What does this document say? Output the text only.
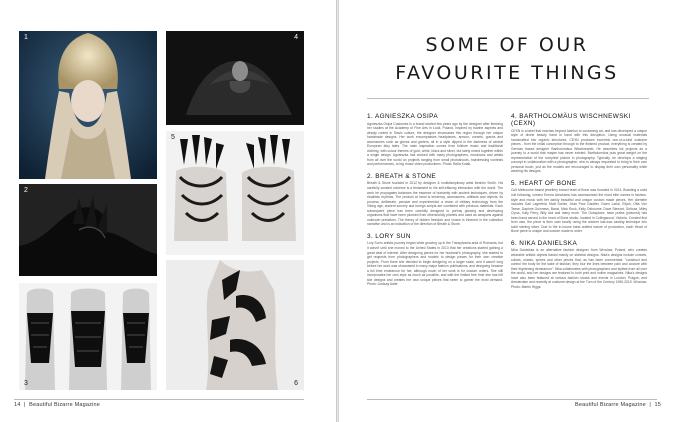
1	4
2
5
3	6
14  |  Beautiful Bizarre Magazine
SOME OF OUR
FAVOURITE THINGS
1. AGNIESZKA OSIPA

Agnieszka Osipa Costumes is a brand started few years ago by the designer after finishing her studies at the Academy of Fine Arts in Łódź, Poland. Inspired by tsarine aspects and deeply rooted in Slavic culture, the designer showcases this region through her unique handmade designs. Her work encompasses headpieces, armour, corsets, gowns and accessories such as gloves and garters, all in a style dipped in the darkness of central European fairy tales. The main inspiration comes from folklore music and traditional clothing, with colour themes of gold, white, black and silver, but lately mixed together within a single design. Agnieszka has worked with many photographers, musicians and artists from all over the world on projects ranging from small photoshoots, hairdressing contests and performances, to big music video productions. Photo: Bella Kotak.

2. BREATH & STONE

Breath & Stone founded in 2012 by designer & multidisciplinary artist Ibrahim Smith. His carefully curated universe is a testament to his self-effacing interaction with the world. The work he propagates balances the essence of humanity with ancient techniques, driven by ritualistic rhythms. The product at hand is tendency, accessories, artifacts and objects, its process, deliberate, pensive and experimental; a vision of military technology from the Viking age, ancient sorcery and foreign scripts are combined with precious materials. Each subsequent piece has been carefully designed to portray glowing and developing organisms that have been plucked from otherworldly planets and used as weapons against unknown predators. The theory of hidden freedom and choice is inherent in the collection narrative and is an indication of the direction of Breath & Stone.

3. LORY SUN

Lory Sun's artistic journey began while growing up in the Transylvania area of Romania, but it wasn't until she moved to the United States in 2013 that her creations started gaining a great deal of interest. After designing pieces for her husband's photography, she started to get requests from photographers and models to design pieces for their own creative projects. From there she decided to begin designing on a larger scale, and it wasn't long before her work was showcased in many major fashion publications, and designing became a full time endeavour for her, although much of her work is for custom orders. She still incorporates her own style as much as possible, and with the limited free time she has left she designs and creates her own unique pieces that seem to garner the most demand. Photo: Lindsay Adler.

4. BARTHOLOMÄUS WISCHNEWSKI (CEXN)

CEXN is a label that reaches beyond fashion to costuming art, and has developed a unique style of divine beauty hand in hand with this disruption. Using unusual materials handcrafted into organic structures, CEXN produces eccentric one-of-a-kind costume pieces - from the initial conception through to the finished product, everything is created by German based designer Bartholomäus Wischnewski. He describes his projects as a journey to a world that maybe has never existed. Bartholomäus puts great weight on the representation of the complete picture in photography. Typically, he develops a staging concept in collaboration with a photographer, who is always requested to bring in their own personal touch, just as the models are encouraged to display their own personality while wearing his designs.

5. HEART OF BONE

Cult Melbourne based jewellery brand Heart of Bone was founded in 2014. Boasting a solid cult following, creator Emma Abrahams has accessorised the most elite names in fashion, style and music with her darkly beautiful and unique custom made pieces. Her clientele includes Karl Lagerfeld, Matt Sorbie, Jean Paul Gaultier, Gwen Landi, Elijah, Otta Von Teese, Daphne Guinness, Banzi, Mick Rock, Kelly Osbourne, Dave Stewart, Girltoaz, Miley Cyrus, Katy Perry, Billy Idol and many more. The Gobsplace, have praise (pictured) has been hand carved in the heart of Bone studio, located in Collingwood, Victoria. Created first from wax, the piece is then cast locally using the ancient lost-wax casting technique into solid sterling silver. Due to the in-house hand crafted nature of production, each Heart of Bone piece is unique and custom made to order.

6. NIKA DANIELSKA

Nika Danielska is an alternative fashion designer from Wroclaw, Poland, who creates wearable artistic objects based mainly on skeletal designs. Nika's designs include corsets, collars, masks, spines and other pieces that, as has been commented: "construct and control the body for the sake of fashion; they blur the lines between pain and couture with their frightening demeanour". Nika collaborates with photographers and stylists from all over the world, and her designs are featured in both print and online magazines. Nika's designs have also been featured at various fashion shows and events in London, Prague, and Amsterdam and recently at costume design at the Turn of the Century 1990-2015. Wroclaw. Photo: Martin Higgs.

Beautiful Bizarre Magazine  |  15
